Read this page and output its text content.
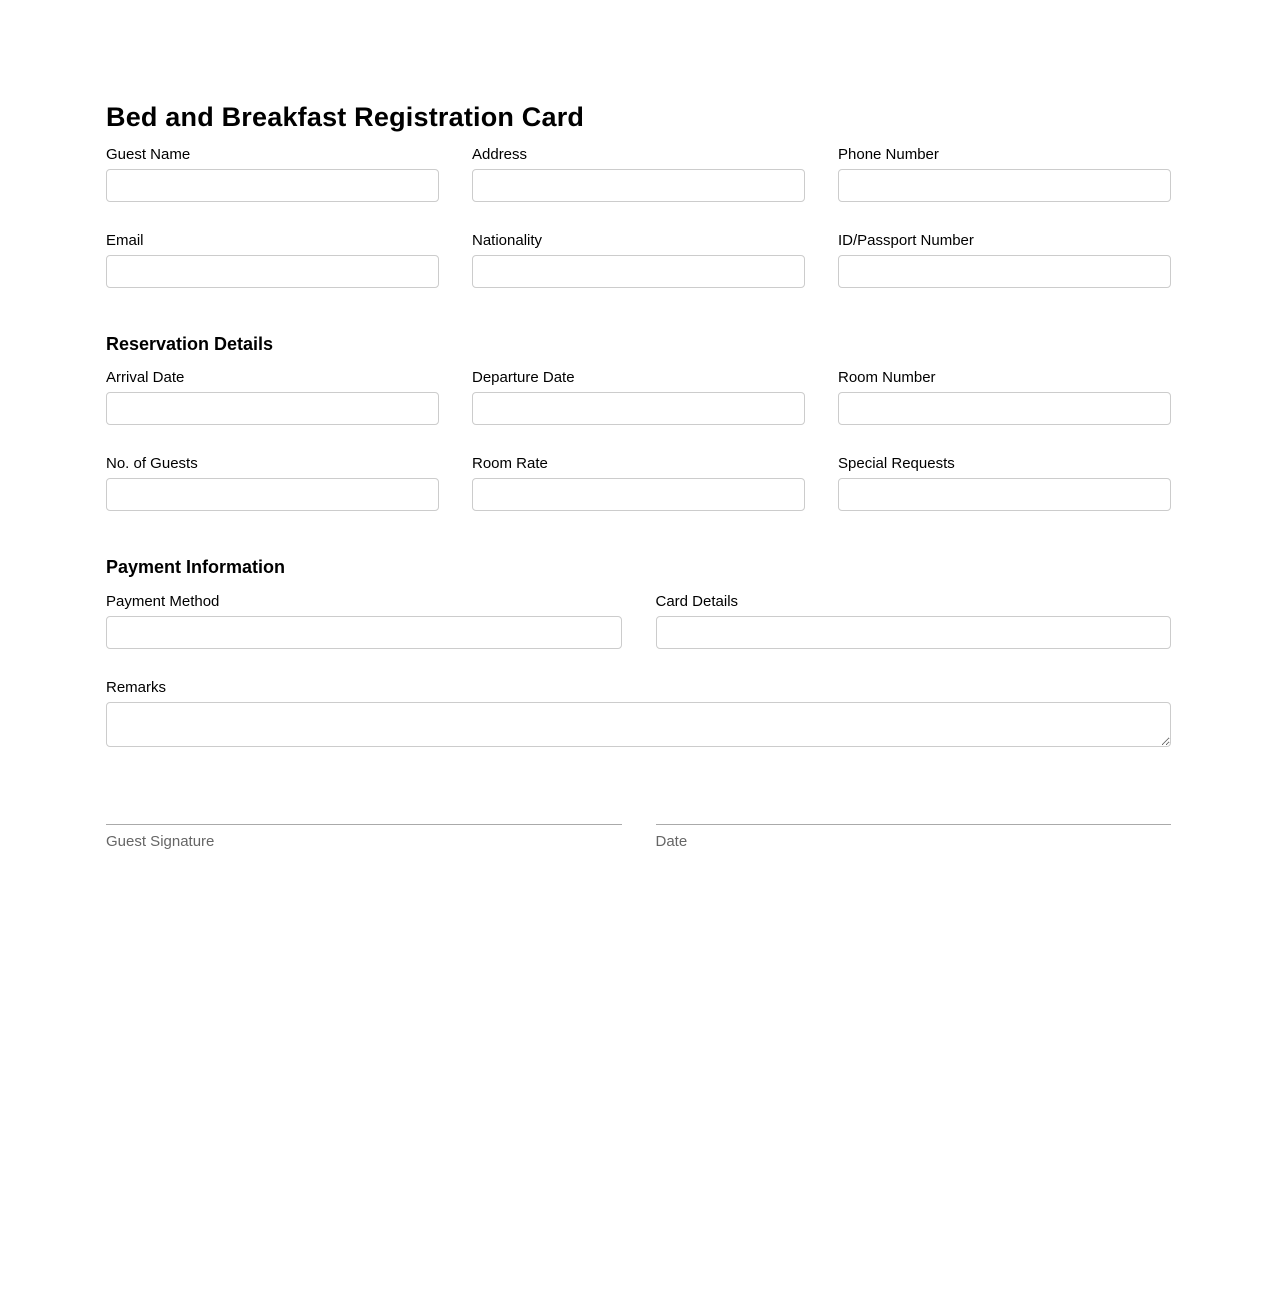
Bed and Breakfast Registration Card
Guest Name	Address	Phone Number
Email	Nationality	ID/Passport Number
Reservation Details
Arrival Date	Departure Date	Room Number
No. of Guests	Room Rate	Special Requests
Payment Information
Payment Method	Card Details
Remarks
Guest Signature	Date
